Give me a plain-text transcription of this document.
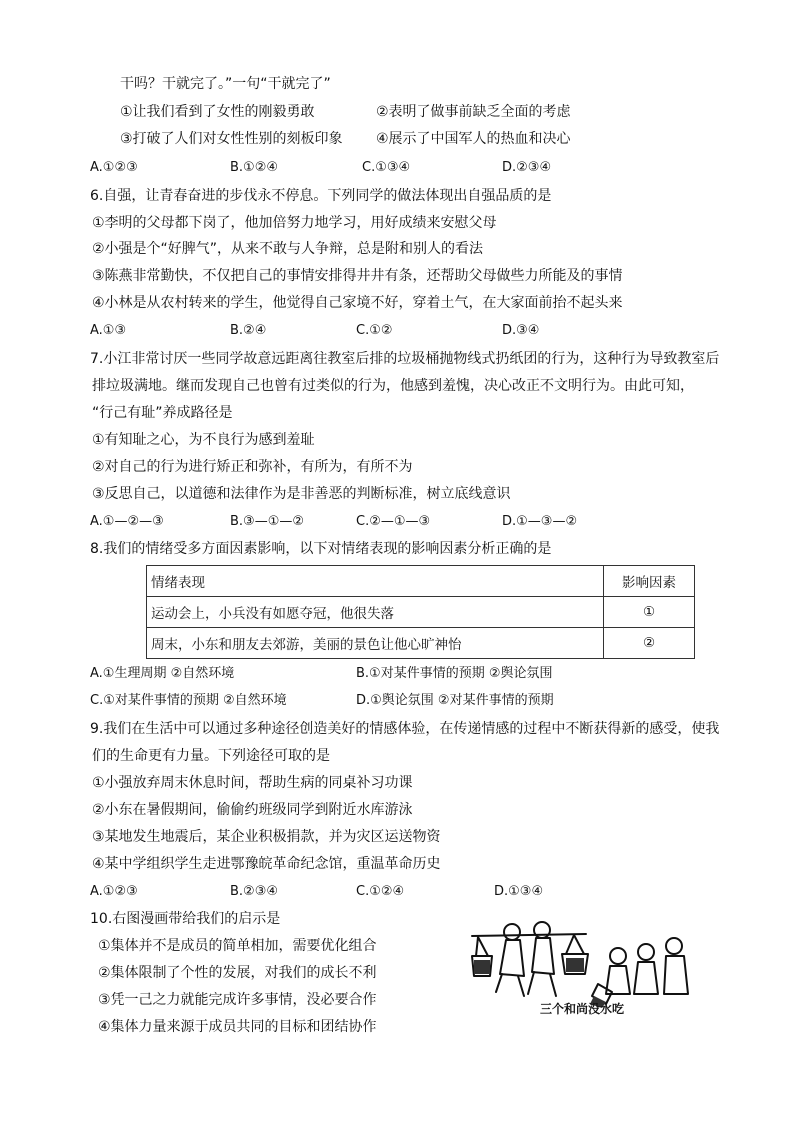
干吗？干就完了。”一句“干就完了”
①让我们看到了女性的刚毅勇敢	②表明了做事前缺乏全面的考虑
③打破了人们对女性性别的刻板印象 ④展示了中国军人的热血和决心
A.①②③	B.①②④	C.①③④	D.②③④
6.自强，让青春奋进的步伐永不停息。下列同学的做法体现出自强品质的是
①李明的父母都下岗了，他加倍努力地学习，用好成绩来安慰父母
②小强是个“好脾气”，从来不敢与人争辩，总是附和别人的看法
③陈燕非常勤快，不仅把自己的事情安排得井井有条，还帮助父母做些力所能及的事情
④小林是从农村转来的学生，他觉得自己家境不好，穿着土气，在大家面前抬不起头来
A.①③	B.②④	C.①②	D.③④
7.小江非常讨厌一些同学故意远距离往教室后排的垃圾桶抛物线式扔纸团的行为，这种行为导致教室后
排垃圾满地。继而发现自己也曾有过类似的行为，他感到羞愧，决心改正不文明行为。由此可知，
“行己有耻”养成路径是
①有知耻之心，为不良行为感到羞耻
②对自己的行为进行矫正和弥补，有所为，有所不为
③反思自己，以道德和法律作为是非善恶的判断标准，树立底线意识
A.①—②—③	B.③—①—②	C.②—①—③	D.①—③—②
8.我们的情绪受多方面因素影响，以下对情绪表现的影响因素分析正确的是
情绪表现	影响因素
运动会上，小兵没有如愿夺冠，他很失落	①
周末，小东和朋友去郊游，美丽的景色让他心旷神怡	②
A.①生理周期 ②自然环境	B.①对某件事情的预期 ②舆论氛围
C.①对某件事情的预期 ②自然环境	D.①舆论氛围 ②对某件事情的预期
9.我们在生活中可以通过多种途径创造美好的情感体验，在传递情感的过程中不断获得新的感受，使我
们的生命更有力量。下列途径可取的是
①小强放弃周末休息时间，帮助生病的同桌补习功课
②小东在暑假期间，偷偷约班级同学到附近水库游泳
③某地发生地震后，某企业积极捐款，并为灾区运送物资
④某中学组织学生走进鄂豫皖革命纪念馆，重温革命历史
A.①②③	B.②③④	C.①②④	D.①③④
10.右图漫画带给我们的启示是
①集体并不是成员的简单相加，需要优化组合
②集体限制了个性的发展，对我们的成长不利
③凭一己之力就能完成许多事情，没必要合作
④集体力量来源于成员共同的目标和团结协作
三个和尚没水吃
